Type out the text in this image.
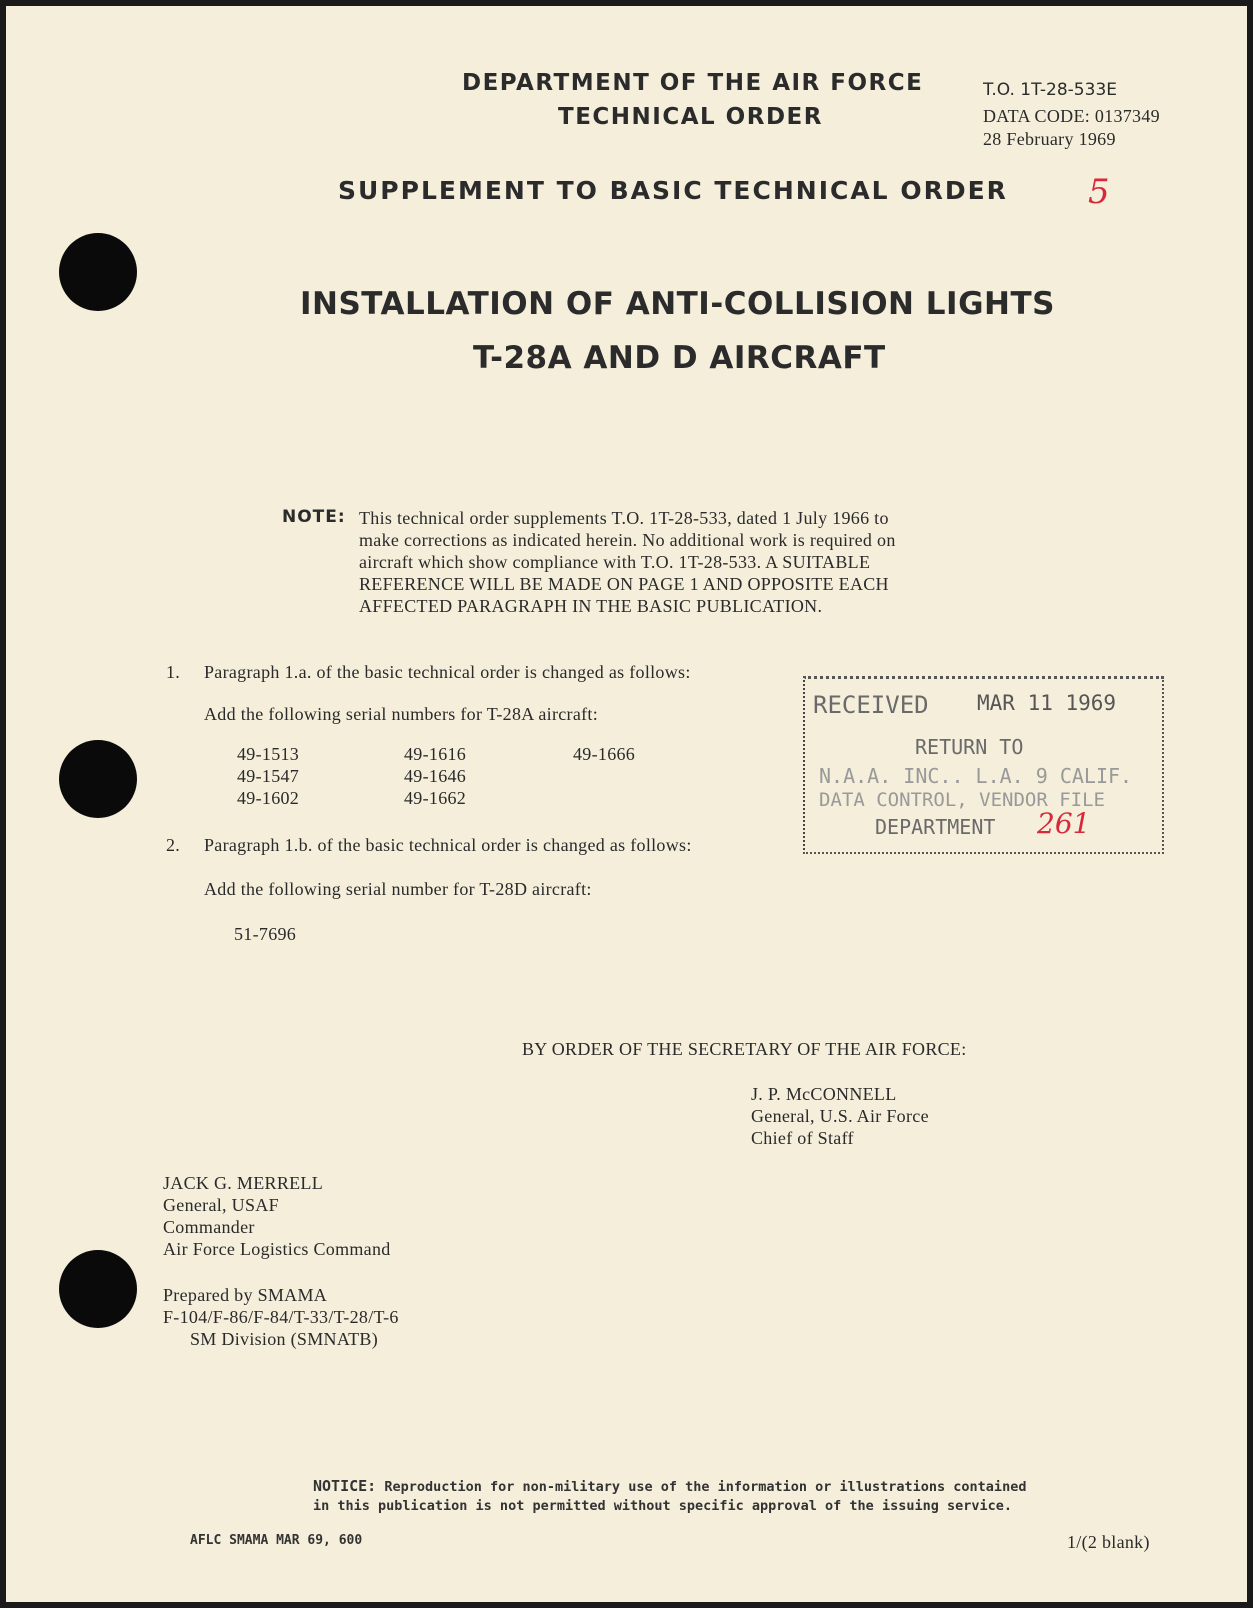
DEPARTMENT OF THE AIR FORCE
TECHNICAL ORDER
T.O. 1T-28-533E
DATA CODE: 0137349
28 February 1969
SUPPLEMENT TO BASIC TECHNICAL ORDER 5
INSTALLATION OF ANTI-COLLISION LIGHTS
T-28A AND D AIRCRAFT
NOTE: This technical order supplements T.O. 1T-28-533, dated 1 July 1966 to
make corrections as indicated herein. No additional work is required on
aircraft which show compliance with T.O. 1T-28-533. A SUITABLE
REFERENCE WILL BE MADE ON PAGE 1 AND OPPOSITE EACH
AFFECTED PARAGRAPH IN THE BASIC PUBLICATION.
1. Paragraph 1.a. of the basic technical order is changed as follows:
Add the following serial numbers for T-28A aircraft:
49-1513
49-1547
49-1602
49-1616
49-1646
49-1662
49-1666
2. Paragraph 1.b. of the basic technical order is changed as follows:
Add the following serial number for T-28D aircraft:
51-7696
RECEIVED MAR 11 1969
RETURN TO
N.A.A. INC.. L.A. 9 CALIF.
DATA CONTROL, VENDOR FILE
DEPARTMENT 261
BY ORDER OF THE SECRETARY OF THE AIR FORCE:
J. P. McCONNELL
General, U.S. Air Force
Chief of Staff
JACK G. MERRELL
General, USAF
Commander
Air Force Logistics Command
Prepared by SMAMA
F-104/F-86/F-84/T-33/T-28/T-6
SM Division (SMNATB)
NOTICE: Reproduction for non-military use of the information or illustrations contained
in this publication is not permitted without specific approval of the issuing service.
AFLC SMAMA MAR 69, 600	1/(2 blank)
